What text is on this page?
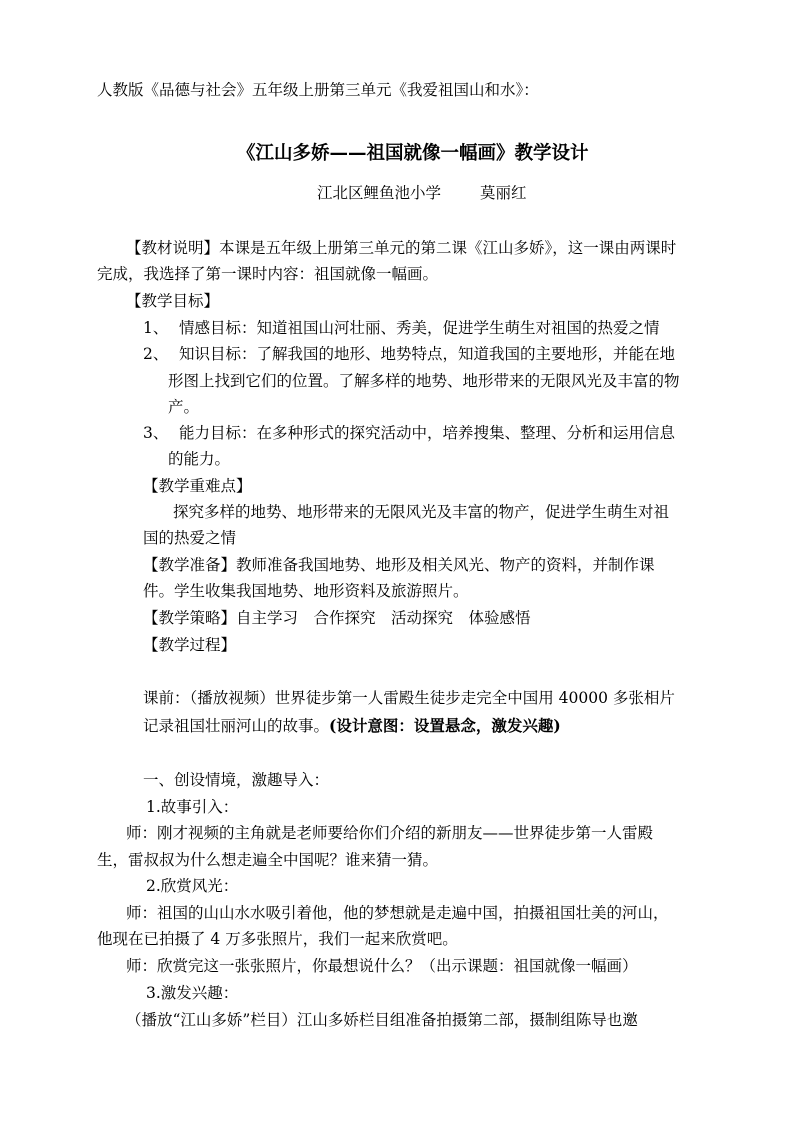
人教版《品德与社会》五年级上册第三单元《我爱祖国山和水》：
《江山多娇——祖国就像一幅画》教学设计
江北区鲤鱼池小学	莫丽红
【教材说明】本课是五年级上册第三单元的第二课《江山多娇》，这一课由两课时
完成，我选择了第一课时内容：祖国就像一幅画。
【教学目标】
1、 情感目标：知道祖国山河壮丽、秀美，促进学生萌生对祖国的热爱之情
2、 知识目标：了解我国的地形、地势特点，知道我国的主要地形，并能在地
形图上找到它们的位置。了解多样的地势、地形带来的无限风光及丰富的物
产。
3、 能力目标：在多种形式的探究活动中，培养搜集、整理、分析和运用信息
的能力。
【教学重难点】
探究多样的地势、地形带来的无限风光及丰富的物产，促进学生萌生对祖
国的热爱之情
【教学准备】教师准备我国地势、地形及相关风光、物产的资料，并制作课
件。学生收集我国地势、地形资料及旅游照片。
【教学策略】自主学习　合作探究　活动探究　体验感悟
【教学过程】
课前：（播放视频）世界徒步第一人雷殿生徒步走完全中国用 40000 多张相片
记录祖国壮丽河山的故事。(设计意图：设置悬念，激发兴趣)
一、创设情境，激趣导入：
1.故事引入：
师：刚才视频的主角就是老师要给你们介绍的新朋友——世界徒步第一人雷殿
生，雷叔叔为什么想走遍全中国呢？谁来猜一猜。
2.欣赏风光：
师：祖国的山山水水吸引着他，他的梦想就是走遍中国，拍摄祖国壮美的河山，
他现在已拍摄了 4 万多张照片，我们一起来欣赏吧。
师：欣赏完这一张张照片，你最想说什么？（出示课题：祖国就像一幅画）
3.激发兴趣：
（播放“江山多娇”栏目）江山多娇栏目组准备拍摄第二部，摄制组陈导也邀
